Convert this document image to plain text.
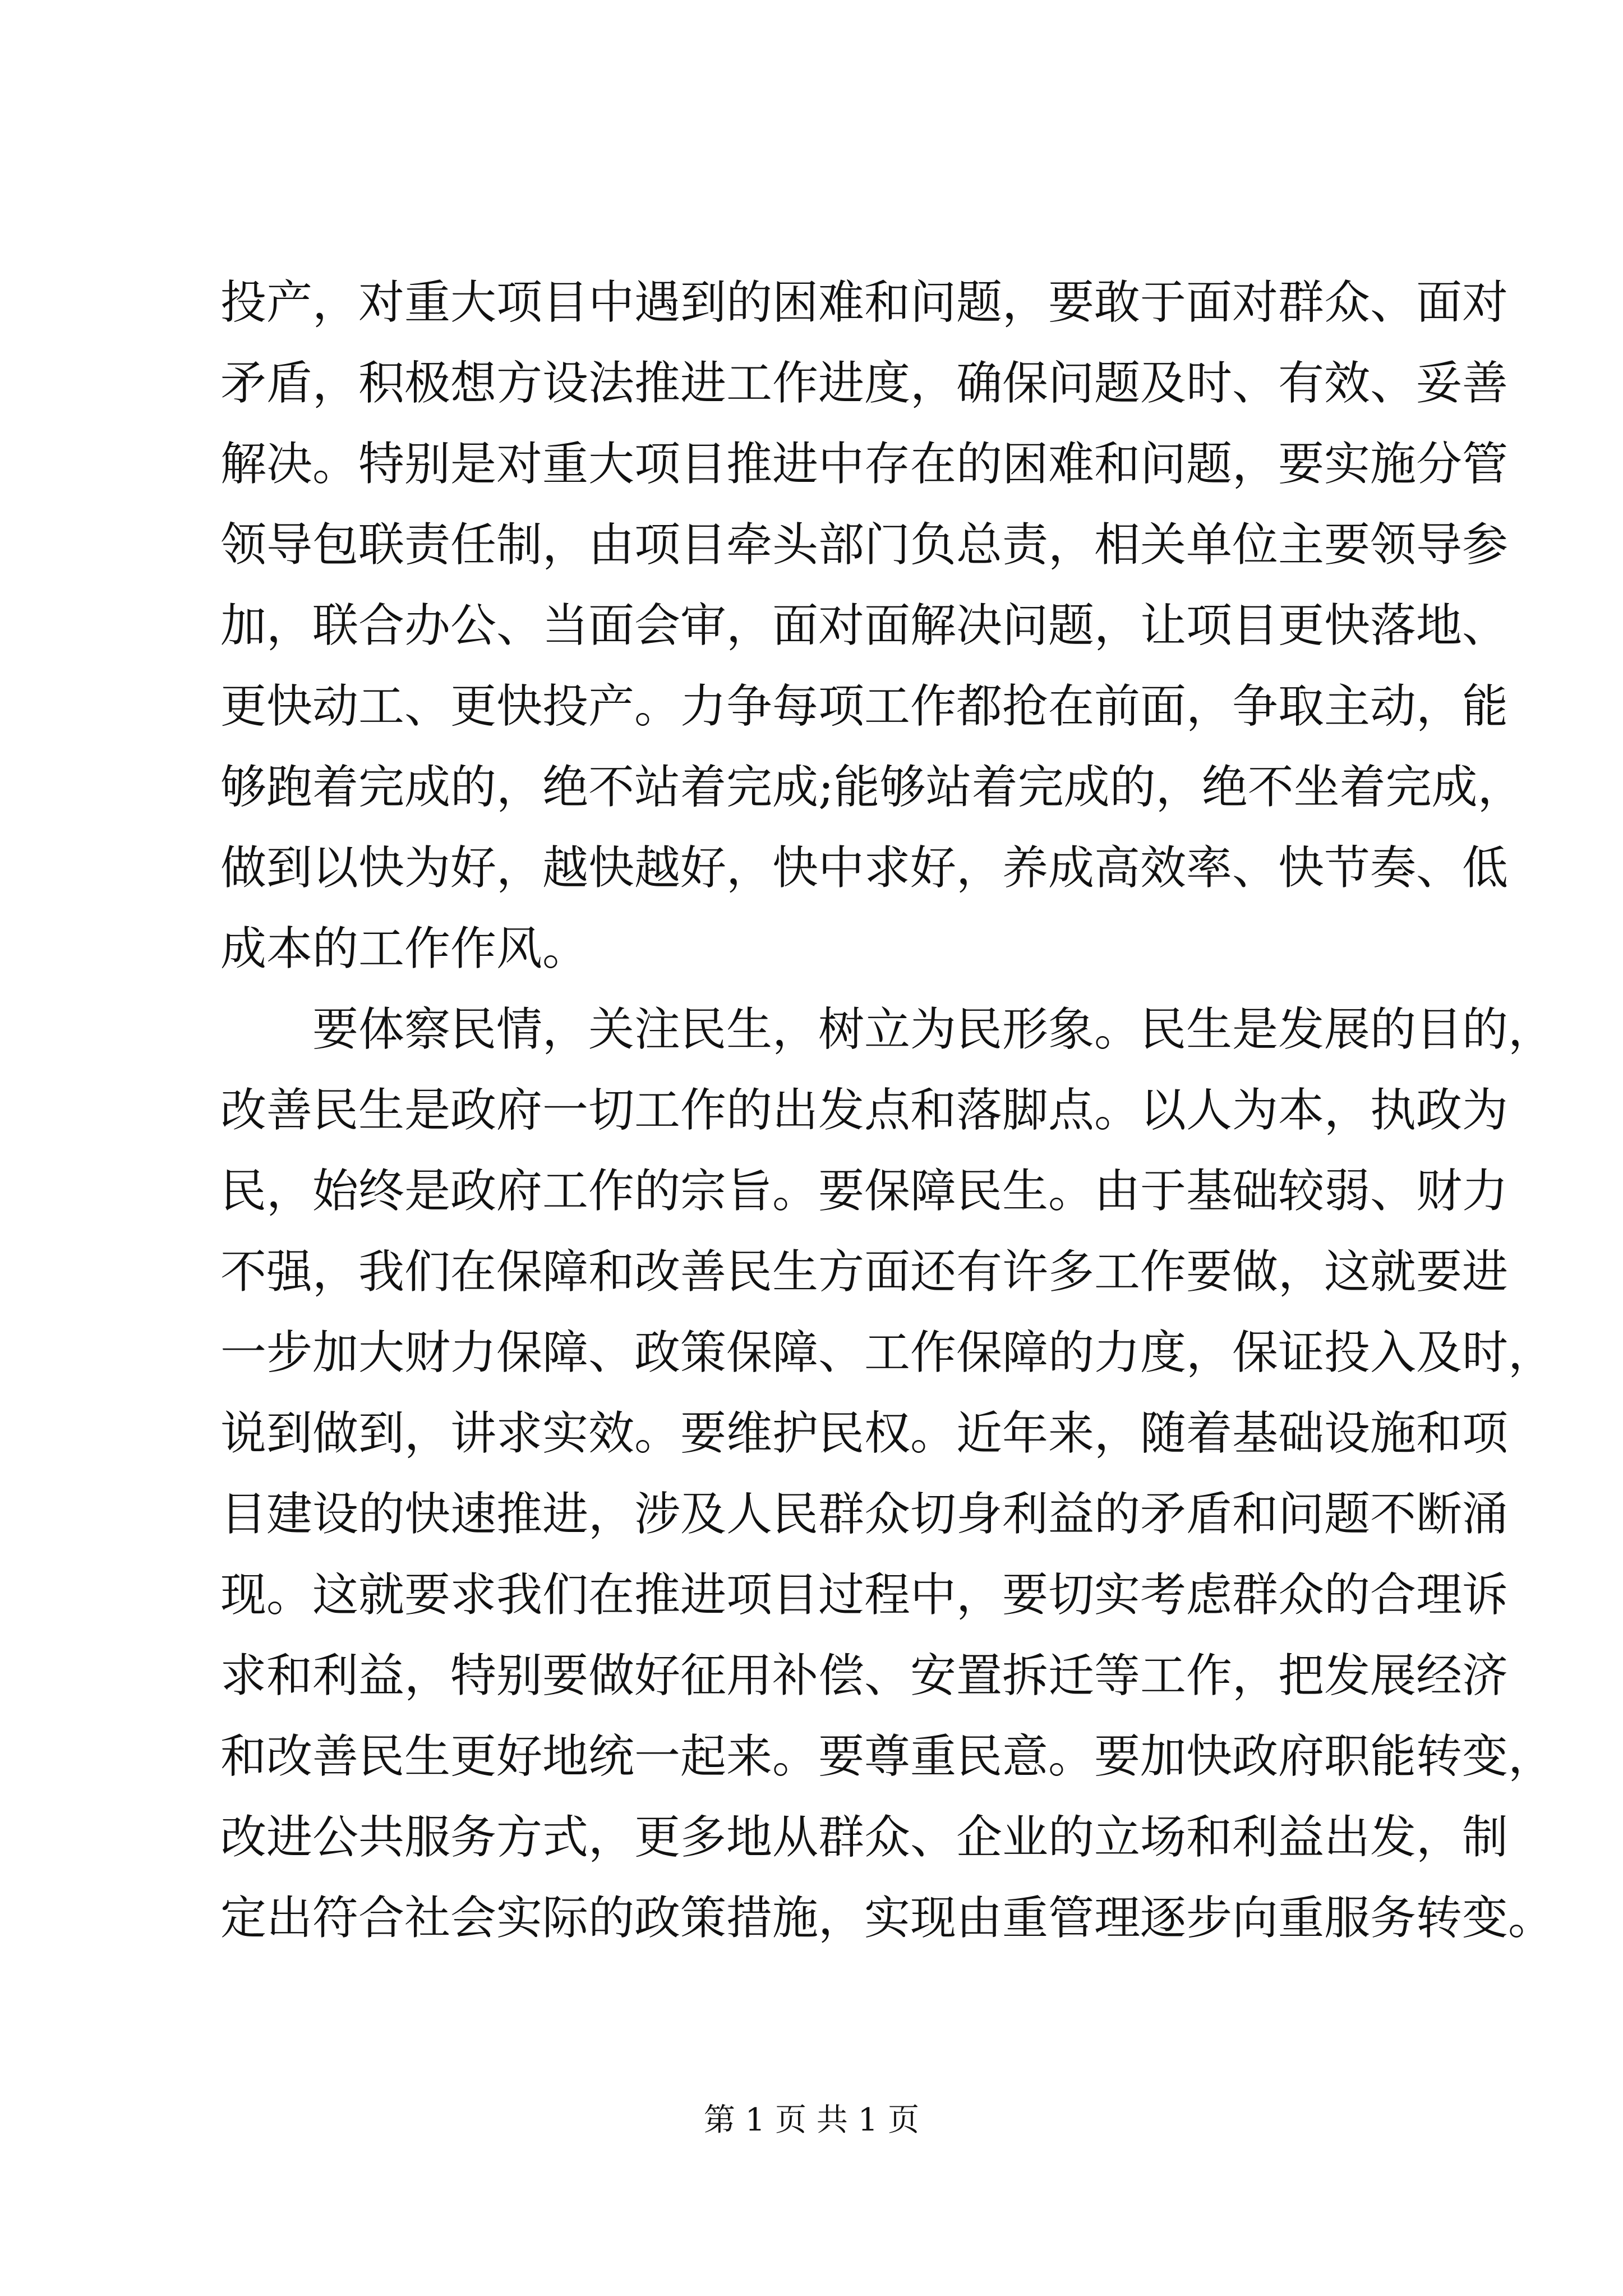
投产，对重大项目中遇到的困难和问题，要敢于面对群众、面对
矛盾，积极想方设法推进工作进度，确保问题及时、有效、妥善
解决。特别是对重大项目推进中存在的困难和问题，要实施分管
领导包联责任制，由项目牵头部门负总责，相关单位主要领导参
加，联合办公、当面会审，面对面解决问题，让项目更快落地、
更快动工、更快投产。力争每项工作都抢在前面，争取主动，能
够跑着完成的，绝不站着完成;能够站着完成的，绝不坐着完成，
做到以快为好，越快越好，快中求好，养成高效率、快节奏、低
成本的工作作风。
要体察民情，关注民生，树立为民形象。民生是发展的目的，
改善民生是政府一切工作的出发点和落脚点。以人为本，执政为
民，始终是政府工作的宗旨。要保障民生。由于基础较弱、财力
不强，我们在保障和改善民生方面还有许多工作要做，这就要进
一步加大财力保障、政策保障、工作保障的力度，保证投入及时，
说到做到，讲求实效。要维护民权。近年来，随着基础设施和项
目建设的快速推进，涉及人民群众切身利益的矛盾和问题不断涌
现。这就要求我们在推进项目过程中，要切实考虑群众的合理诉
求和利益，特别要做好征用补偿、安置拆迁等工作，把发展经济
和改善民生更好地统一起来。要尊重民意。要加快政府职能转变，
改进公共服务方式，更多地从群众、企业的立场和利益出发，制
定出符合社会实际的政策措施，实现由重管理逐步向重服务转变。
第 1 页 共 1 页
